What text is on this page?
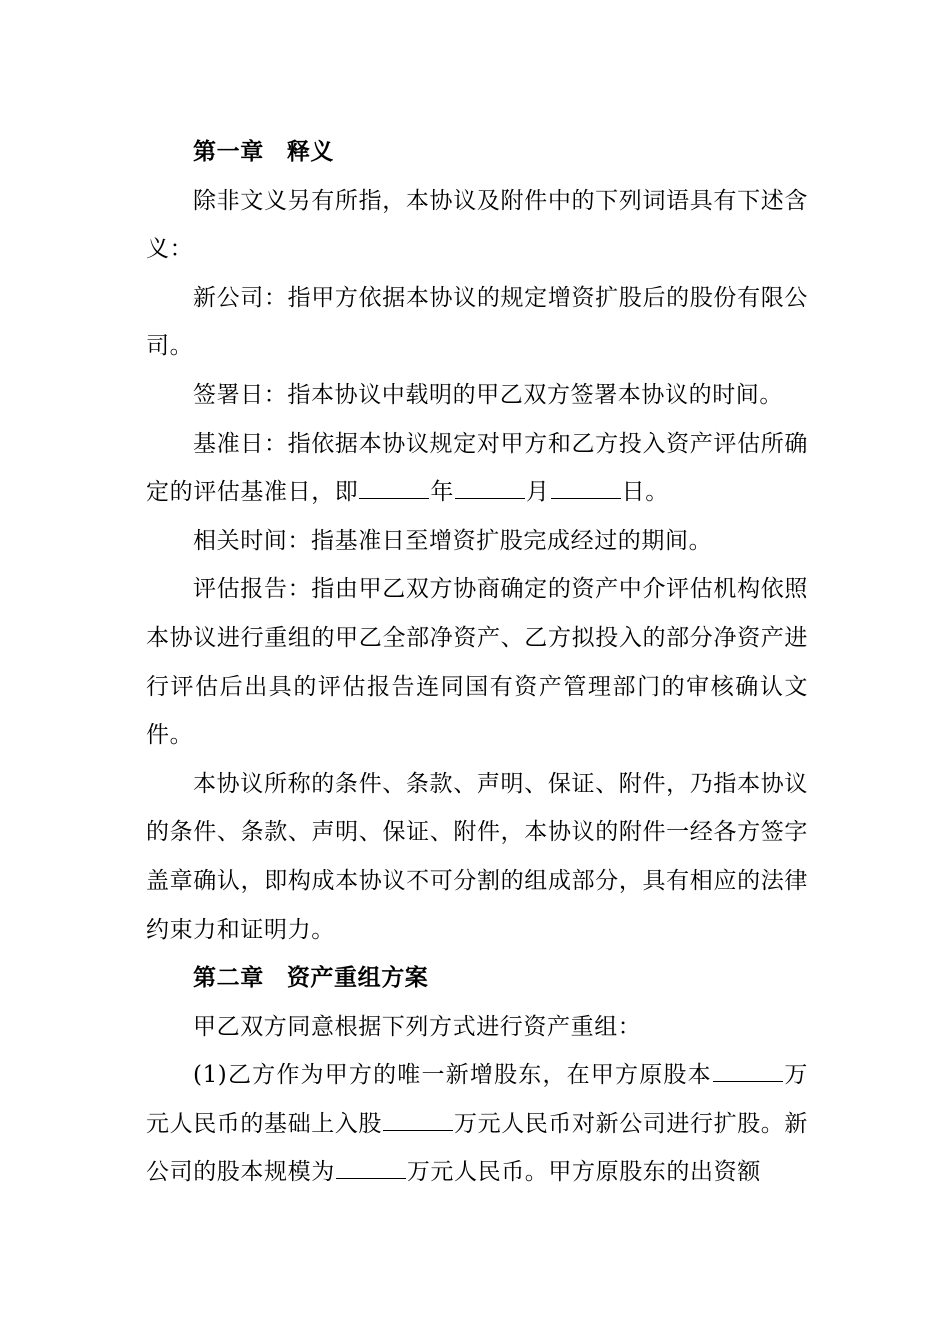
第一章 释义

除非文义另有所指，本协议及附件中的下列词语具有下述含义：

新公司：指甲方依据本协议的规定增资扩股后的股份有限公司。

签署日：指本协议中载明的甲乙双方签署本协议的时间。

基准日：指依据本协议规定对甲方和乙方投入资产评估所确定的评估基准日，即	年	月	日。

相关时间：指基准日至增资扩股完成经过的期间。

评估报告：指由甲乙双方协商确定的资产中介评估机构依照本协议进行重组的甲乙全部净资产、乙方拟投入的部分净资产进行评估后出具的评估报告连同国有资产管理部门的审核确认文件。

本协议所称的条件、条款、声明、保证、附件，乃指本协议的条件、条款、声明、保证、附件，本协议的附件一经各方签字盖章确认，即构成本协议不可分割的组成部分，具有相应的法律约束力和证明力。

第二章 资产重组方案

甲乙双方同意根据下列方式进行资产重组：

(1)乙方作为甲方的唯一新增股东，在甲方原股本	万元人民币的基础上入股	万元人民币对新公司进行扩股。新公司的股本规模为	万元人民币。甲方原股东的出资额
